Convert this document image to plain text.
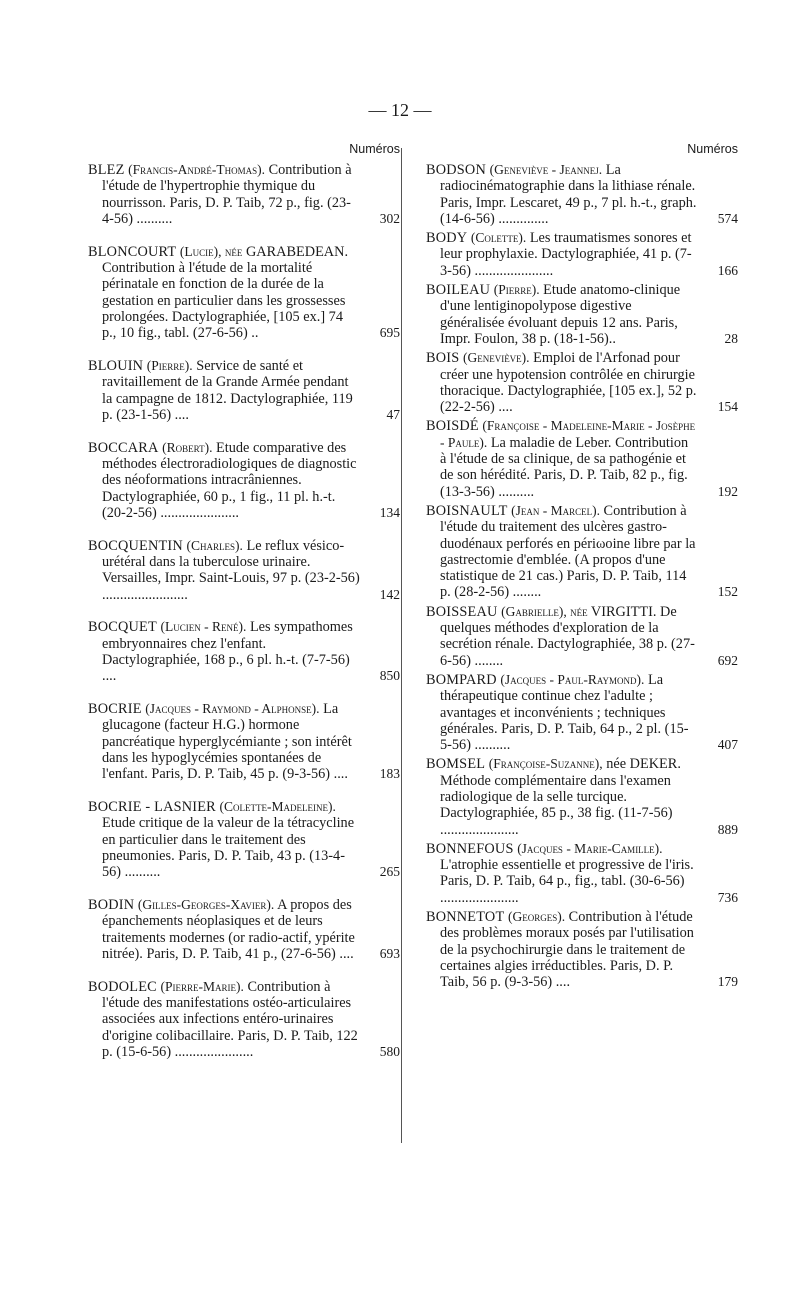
— 12 —
Numéros

BLEZ (Francis-André-Thomas). Contribution à l'étude de l'hypertrophie thymique du nourrisson. Paris, D. P. Taib, 72 p., fig. (23-4-56) ..........	302

BLONCOURT (Lucie), née GARABEDEAN. Contribution à l'étude de la mortalité périnatale en fonction de la durée de la gestation en particulier dans les grossesses prolongées. Dactylographiée, [105 ex.] 74 p., 10 fig., tabl. (27-6-56) ..	695

BLOUIN (Pierre). Service de santé et ravitaillement de la Grande Armée pendant la campagne de 1812. Dactylographiée, 119 p. (23-1-56) ....	47

BOCCARA (Robert). Etude comparative des méthodes électroradiologiques de diagnostic des néoformations intracrâniennes. Dactylographiée, 60 p., 1 fig., 11 pl. h.-t. (20-2-56) ......................	134

BOCQUENTIN (Charles). Le reflux vésico-urétéral dans la tuberculose urinaire. Versailles, Impr. Saint-Louis, 97 p. (23-2-56) ........................	142

BOCQUET (Lucien - René). Les sympathomes embryonnaires chez l'enfant. Dactylographiée, 168 p., 6 pl. h.-t. (7-7-56) ....	850

BOCRIE (Jacques - Raymond - Alphonse). La glucagone (facteur H.G.) hormone pancréatique hyperglycémiante ; son intérêt dans les hypoglycémies spontanées de l'enfant. Paris, D. P. Taib, 45 p. (9-3-56) ....	183

BOCRIE - LASNIER (Colette-Madeleine). Etude critique de la valeur de la tétracycline en particulier dans le traitement des pneumonies. Paris, D. P. Taib, 43 p. (13-4-56) ..........	265

BODIN (Gilles-Georges-Xavier). A propos des épanchements néoplasiques et de leurs traitements modernes (or radio-actif, ypérite nitrée). Paris, D. P. Taib, 41 p., (27-6-56) ....	693

BODOLEC (Pierre-Marie). Contribution à l'étude des manifestations ostéo-articulaires associées aux infections entéro-urinaires d'origine colibacillaire. Paris, D. P. Taib, 122 p. (15-6-56) ......................	580
Numéros

BODSON (Geneviève - Jeannej. La radiocinématographie dans la lithiase rénale. Paris, Impr. Lescaret, 49 p., 7 pl. h.-t., graph. (14-6-56) ..............	574

BODY (Colette). Les traumatismes sonores et leur prophylaxie. Dactylographiée, 41 p. (7-3-56) ......................	166

BOILEAU (Pierre). Etude anatomo-clinique d'une lentiginopolypose digestive généralisée évoluant depuis 12 ans. Paris, Impr. Foulon, 38 p. (18-1-56)..	28

BOIS (Geneviève). Emploi de l'Arfonad pour créer une hypotension contrôlée en chirurgie thoracique. Dactylographiée, [105 ex.], 52 p. (22-2-56) ....	154

BOISDÉ (Françoise - Madeleine-Marie - Josèphe - Paule). La maladie de Leber. Contribution à l'étude de sa clinique, de sa pathogénie et de son hérédité. Paris, D. P. Taib, 82 p., fig. (13-3-56) ..........	192

BOISNAULT (Jean - Marcel). Contribution à l'étude du traitement des ulcères gastro-duodénaux perforés en périωoine libre par la gastrectomie d'emblée. (A propos d'une statistique de 21 cas.) Paris, D. P. Taib, 114 p. (28-2-56) ........	152

BOISSEAU (Gabrielle), née VIRGITTI. De quelques méthodes d'exploration de la secrétion rénale. Dactylographiée, 38 p. (27-6-56) ........	692

BOMPARD (Jacques - Paul-Raymond). La thérapeutique continue chez l'adulte ; avantages et inconvénients ; techniques générales. Paris, D. P. Taib, 64 p., 2 pl. (15-5-56) ..........	407

BOMSEL (Françoise-Suzanne), née DEKER. Méthode complémentaire dans l'examen radiologique de la selle turcique. Dactylographiée, 85 p., 38 fig. (11-7-56) ......................	889

BONNEFOUS (Jacques - Marie-Camille). L'atrophie essentielle et progressive de l'iris. Paris, D. P. Taib, 64 p., fig., tabl. (30-6-56) ......................	736

BONNETOT (Georges). Contribution à l'étude des problèmes moraux posés par l'utilisation de la psychochirurgie dans le traitement de certaines algies irréductibles. Paris, D. P. Taib, 56 p. (9-3-56) ....	179
